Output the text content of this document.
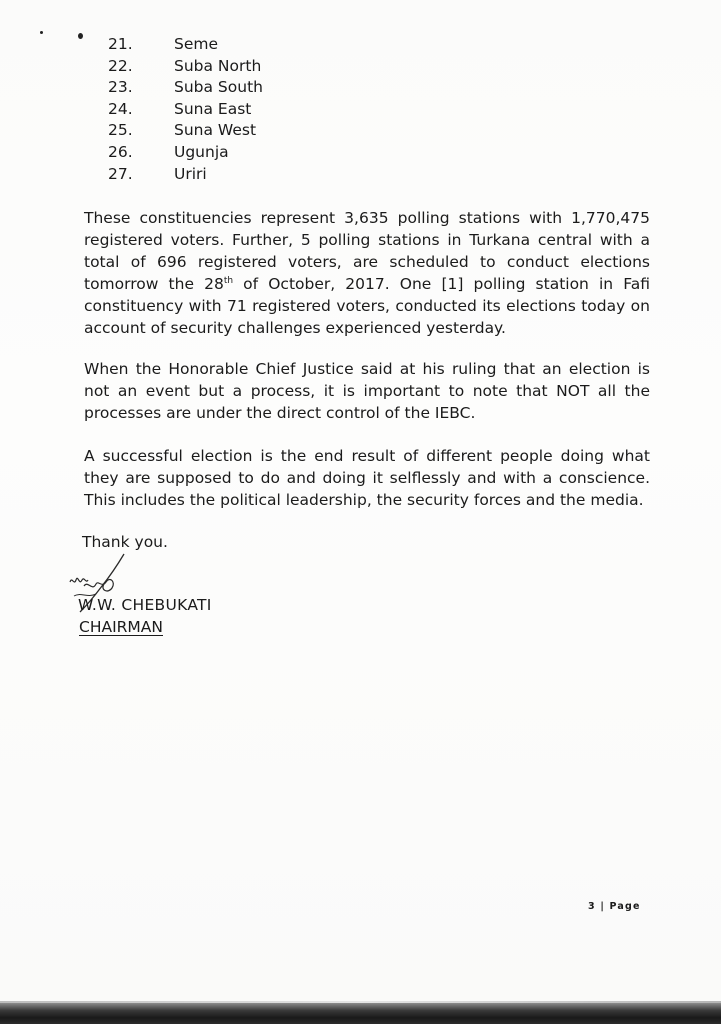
21.	Seme
22.	Suba North
23.	Suba South
24.	Suna East
25.	Suna West
26.	Ugunja
27.	Uriri

These constituencies represent 3,635 polling stations with 1,770,475 registered voters. Further, 5 polling stations in Turkana central with a total of 696 registered voters, are scheduled to conduct elections tomorrow the 28th of October, 2017. One [1] polling station in Fafi constituency with 71 registered voters, conducted its elections today on account of security challenges experienced yesterday.

When the Honorable Chief Justice said at his ruling that an election is not an event but a process, it is important to note that NOT all the processes are under the direct control of the IEBC.

A successful election is the end result of different people doing what they are supposed to do and doing it selflessly and with a conscience. This includes the political leadership, the security forces and the media.

Thank you.

W.W. CHEBUKATI

CHAIRMAN

3 | Page
